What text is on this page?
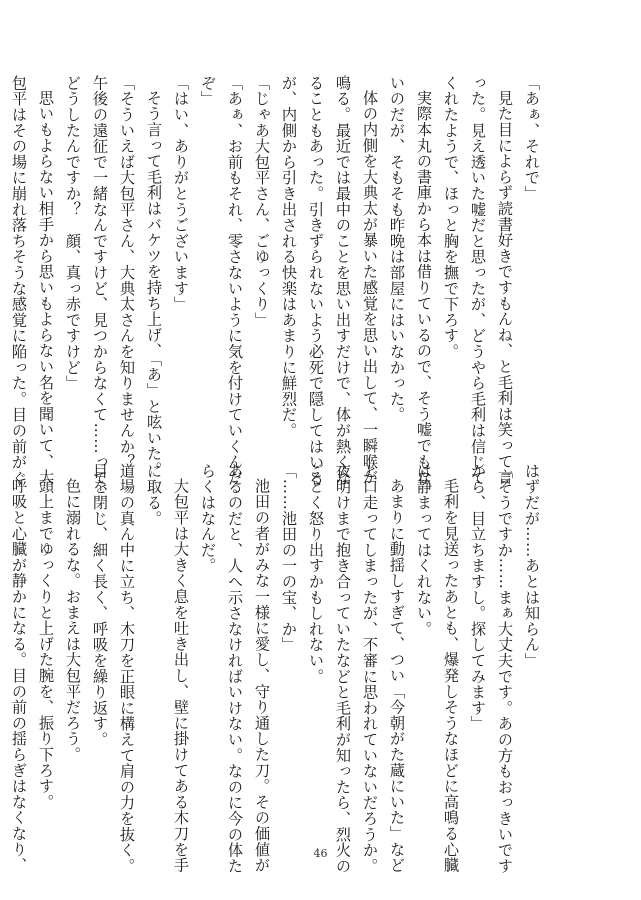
「あぁ、それで」
見た目によらず読書好きですもんね、と毛利は笑って言
った。見え透いた嘘だと思ったが、どうやら毛利は信じて
くれたようで、ほっと胸を撫で下ろす。
実際本丸の書庫から本は借りているので、そう嘘でもな
いのだが、そもそも昨晩は部屋にはいなかった。
体の内側を大典太が暴いた感覚を思い出して、一瞬喉が
鳴る。最近では最中のことを思い出すだけで、体が熱くな
ることもあった。引きずられないよう必死で隠してはいる
が、内側から引き出される快楽はあまりに鮮烈だ。
「じゃあ大包平さん、ごゆっくり」
「あぁ、お前もそれ、零さないように気を付けていくんだ
ぞ」
「はい、ありがとうございます」
そう言って毛利はバケツを持ち上げ、「あ」と呟いた。
「そういえば大包平さん、大典太さんを知りませんか？
午後の遠征で一緒なんですけど、見つからなくて……って、
どうしたんですか？　顔、真っ赤ですけど」
思いもよらない相手から思いもよらない名を聞いて、大
包平はその場に崩れ落ちそうな感覚に陥った。目の前がぐ
はずだが……あとは知らん」
「そうですか……まぁ大丈夫です。あの方もおっきいです
から、目立ちますし。探してみます」
毛利を見送ったあとも、爆発しそうなほどに高鳴る心臓
は静まってはくれない。
あまりに動揺しすぎて、つい「今朝がた蔵にいた」など
と口走ってしまったが、不審に思われていないだろうか。
夜明けまで抱き合っていたなどと毛利が知ったら、烈火の
ごとく怒り出すかもしれない。
「……池田の一の宝、か」
池田の者がみな一様に愛し、守り通した刀。その価値が
あるのだと、人へ示さなければいけない。なのに今の体た
らくはなんだ。
大包平は大きく息を吐き出し、壁に掛けてある木刀を手
に取る。
道場の真ん中に立ち、木刀を正眼に構えて肩の力を抜く。
目を閉じ、細く長く、呼吸を繰り返す。
色に溺れるな。おまえは大包平だろう。
頭上までゆっくりと上げた腕を、振り下ろす。
呼吸と心臓が静かになる。目の前の揺らぎはなくなり、	46
